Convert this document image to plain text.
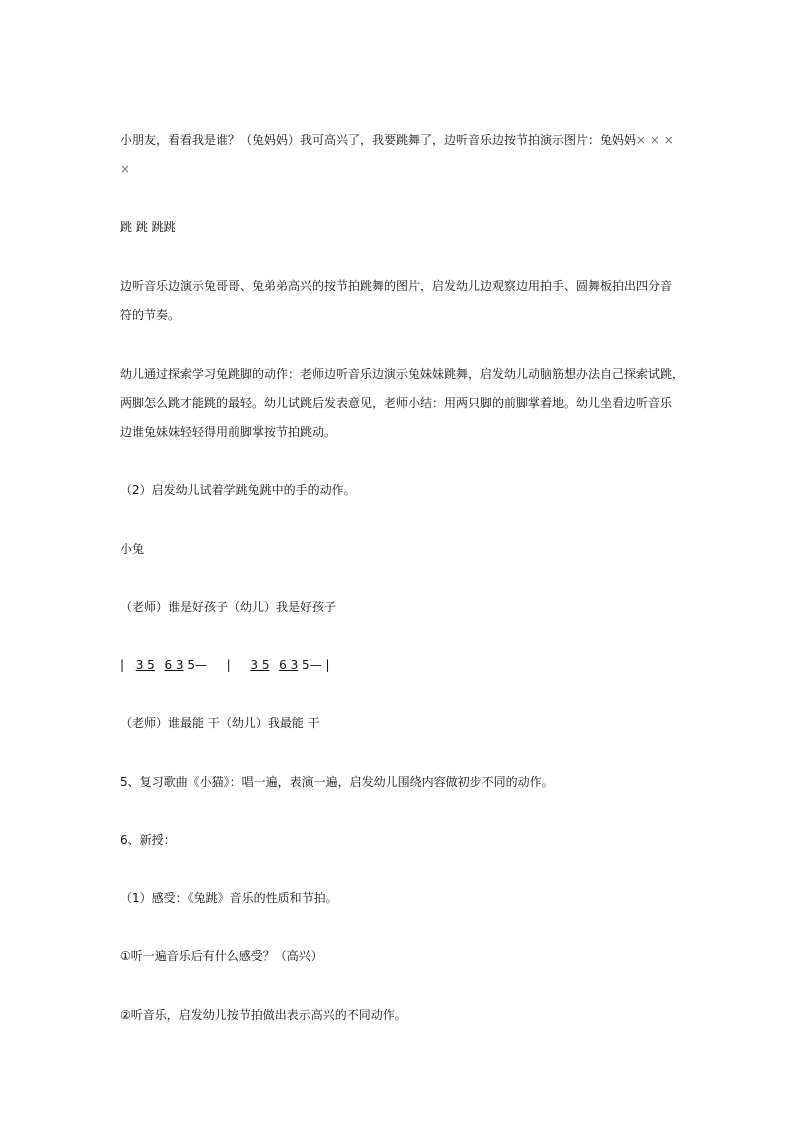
小朋友，看看我是谁？（兔妈妈）我可高兴了，我要跳舞了，边听音乐边按节拍演示图片：兔妈妈× × ×
×
跳 跳 跳跳
边听音乐边演示兔哥哥、兔弟弟高兴的按节拍跳舞的图片，启发幼儿边观察边用拍手、圆舞板拍出四分音
符的节奏。
幼儿通过探索学习兔跳脚的动作：老师边听音乐边演示兔妹妹跳舞，启发幼儿动脑筋想办法自己探索试跳，
两脚怎么跳才能跳的最轻。幼儿试跳后发表意见，老师小结：用两只脚的前脚掌着地。幼儿坐看边听音乐
边谁兔妹妹轻轻得用前脚掌按节拍跳动。
（2）启发幼儿试着学跳兔跳中的手的动作。
小兔
（老师）谁是好孩子（幼儿）我是好孩子
| 3 5 6 3 5— | 3 5 6 3 5— |
（老师）谁最能 干（幼儿）我最能 干
5、复习歌曲《小猫》：唱一遍，表演一遍，启发幼儿围绕内容做初步不同的动作。
6、新授：
（1）感受：《兔跳》音乐的性质和节拍。
①听一遍音乐后有什么感受？（高兴）
②听音乐，启发幼儿按节拍做出表示高兴的不同动作。
